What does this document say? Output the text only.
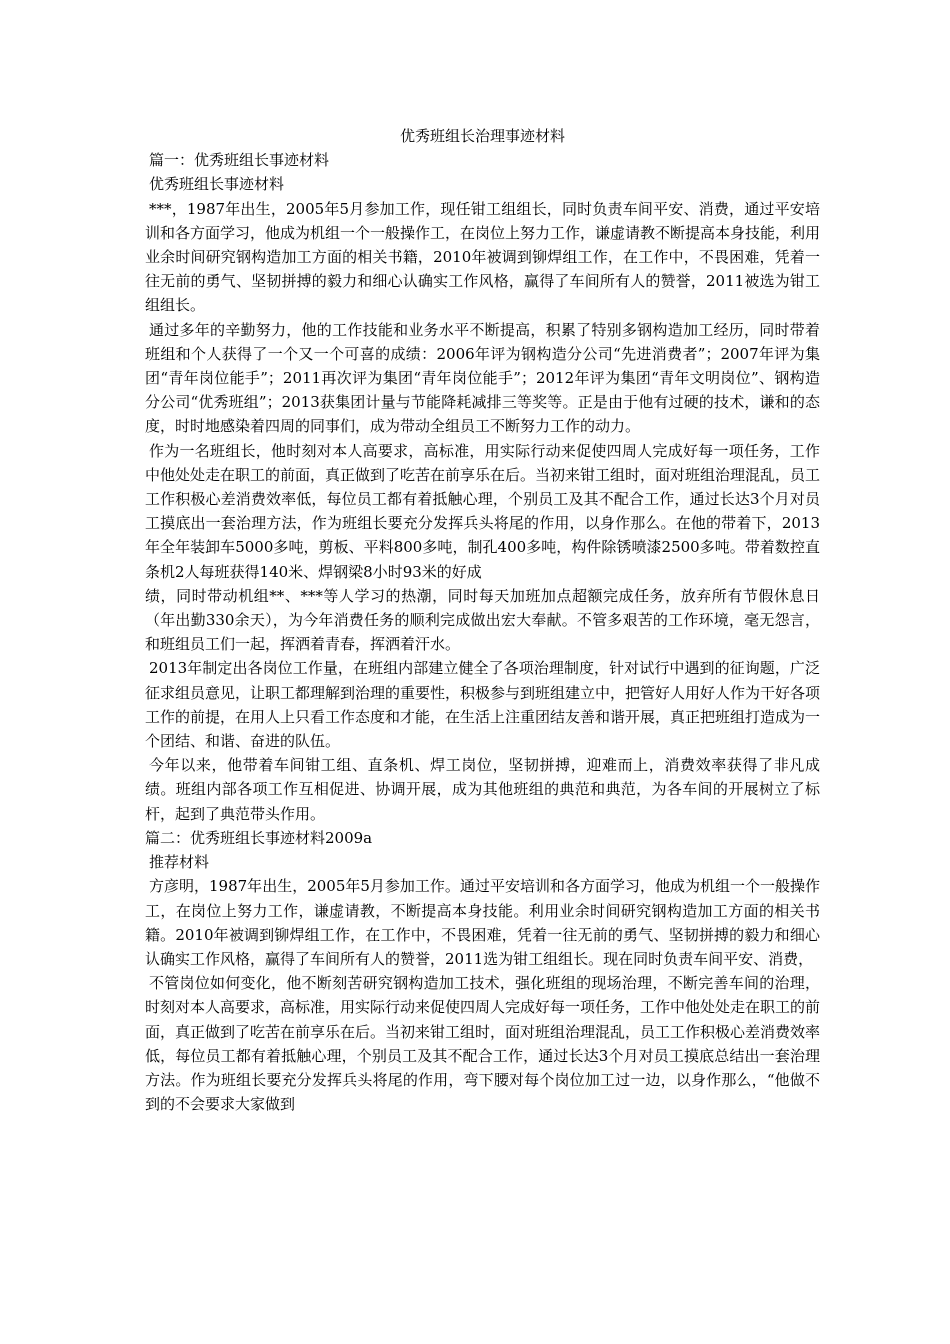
优秀班组长治理事迹材料

篇一：优秀班组长事迹材料

优秀班组长事迹材料

***，1987年出生，2005年5月参加工作，现任钳工组组长，同时负责车间平安、消费，通过平安培训和各方面学习，他成为机组一个一般操作工，在岗位上努力工作，谦虚请教不断提高本身技能，利用业余时间研究钢构造加工方面的相关书籍，2010年被调到铆焊组工作，在工作中，不畏困难，凭着一往无前的勇气、坚韧拼搏的毅力和细心认确实工作风格，赢得了车间所有人的赞誉，2011被选为钳工组组长。

通过多年的辛勤努力，他的工作技能和业务水平不断提高，积累了特别多钢构造加工经历，同时带着班组和个人获得了一个又一个可喜的成绩：2006年评为钢构造分公司“先进消费者”；2007年评为集团“青年岗位能手”；2011再次评为集团“青年岗位能手”；2012年评为集团“青年文明岗位”、钢构造分公司“优秀班组”；2013获集团计量与节能降耗减排三等奖等。正是由于他有过硬的技术，谦和的态度，时时地感染着四周的同事们，成为带动全组员工不断努力工作的动力。

作为一名班组长，他时刻对本人高要求，高标准，用实际行动来促使四周人完成好每一项任务，工作中他处处走在职工的前面，真正做到了吃苦在前享乐在后。当初来钳工组时，面对班组治理混乱，员工工作积极心差消费效率低，每位员工都有着抵触心理，个别员工及其不配合工作，通过长达3个月对员工摸底出一套治理方法，作为班组长要充分发挥兵头将尾的作用，以身作那么。在他的带着下，2013年全年装卸车5000多吨，剪板、平料800多吨，制孔400多吨，构件除锈喷漆2500多吨。带着数控直条机2人每班获得140米、焊钢梁8小时93米的好成

绩，同时带动机组**、***等人学习的热潮，同时每天加班加点超额完成任务，放弃所有节假休息日（年出勤330余天），为今年消费任务的顺利完成做出宏大奉献。不管多艰苦的工作环境，毫无怨言，和班组员工们一起，挥洒着青春，挥洒着汗水。

2013年制定出各岗位工作量，在班组内部建立健全了各项治理制度，针对试行中遇到的征询题，广泛征求组员意见，让职工都理解到治理的重要性，积极参与到班组建立中，把管好人用好人作为干好各项工作的前提，在用人上只看工作态度和才能，在生活上注重团结友善和谐开展，真正把班组打造成为一个团结、和谐、奋进的队伍。

今年以来，他带着车间钳工组、直条机、焊工岗位，坚韧拼搏，迎难而上，消费效率获得了非凡成绩。班组内部各项工作互相促进、协调开展，成为其他班组的典范和典范，为各车间的开展树立了标杆，起到了典范带头作用。

篇二：优秀班组长事迹材料2009a

推荐材料

方彦明，1987年出生，2005年5月参加工作。通过平安培训和各方面学习，他成为机组一个一般操作工，在岗位上努力工作，谦虚请教，不断提高本身技能。利用业余时间研究钢构造加工方面的相关书籍。2010年被调到铆焊组工作，在工作中，不畏困难，凭着一往无前的勇气、坚韧拼搏的毅力和细心认确实工作风格，赢得了车间所有人的赞誉，2011选为钳工组组长。现在同时负责车间平安、消费，

不管岗位如何变化，他不断刻苦研究钢构造加工技术，强化班组的现场治理，不断完善车间的治理，时刻对本人高要求，高标准，用实际行动来促使四周人完成好每一项任务，工作中他处处走在职工的前面，真正做到了吃苦在前享乐在后。当初来钳工组时，面对班组治理混乱，员工工作积极心差消费效率低，每位员工都有着抵触心理，个别员工及其不配合工作，通过长达3个月对员工摸底总结出一套治理方法。作为班组长要充分发挥兵头将尾的作用，弯下腰对每个岗位加工过一边，以身作那么，“他做不到的不会要求大家做到
